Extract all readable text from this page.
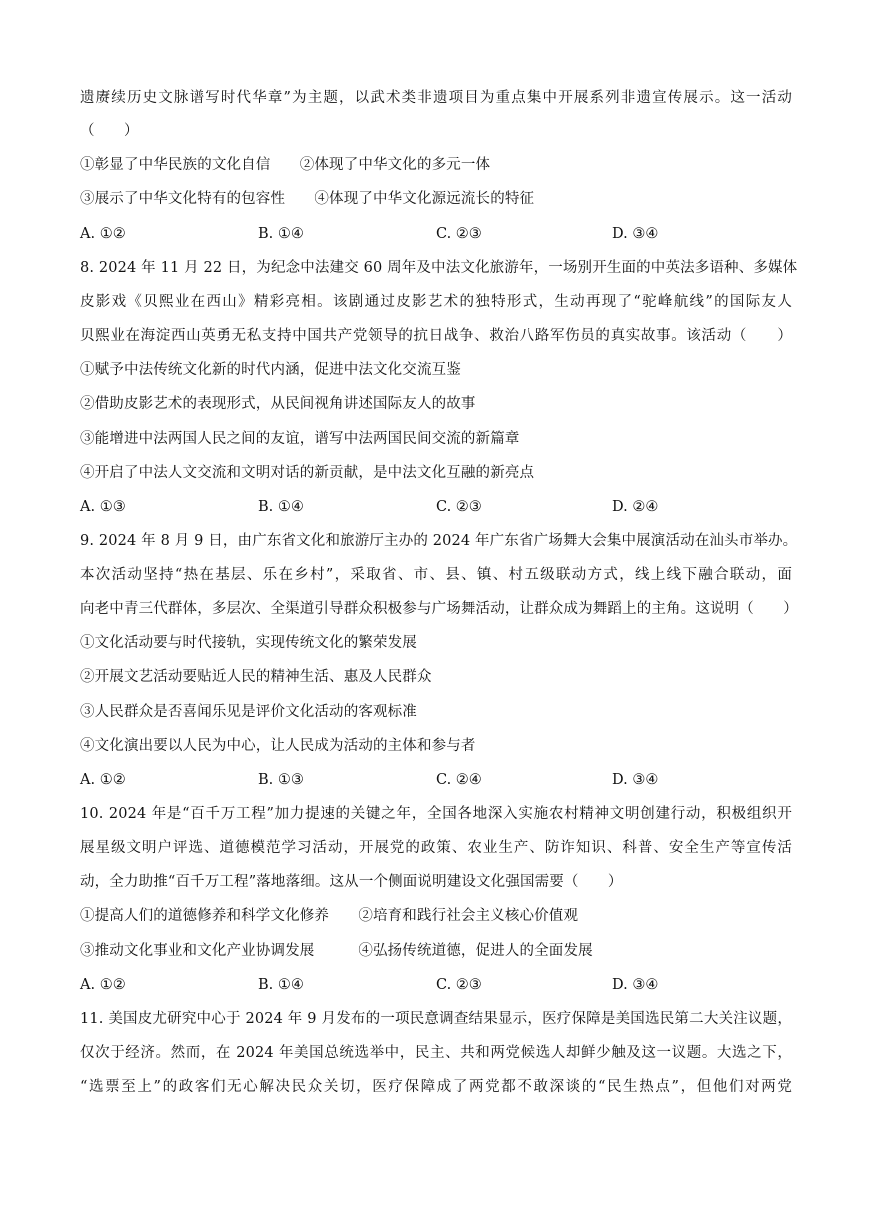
遗赓续历史文脉谱写时代华章”为主题，以武术类非遗项目为重点集中开展系列非遗宣传展示。这一活动
（　　）
①彰显了中华民族的文化自信　　②体现了中华文化的多元一体
③展示了中华文化特有的包容性　　④体现了中华文化源远流长的特征
A. ①②	B. ①④	C. ②③	D. ③④
8. 2024 年 11 月 22 日，为纪念中法建交 60 周年及中法文化旅游年，一场别开生面的中英法多语种、多媒体
皮影戏《贝熙业在西山》精彩亮相。该剧通过皮影艺术的独特形式，生动再现了“驼峰航线”的国际友人
贝熙业在海淀西山英勇无私支持中国共产党领导的抗日战争、救治八路军伤员的真实故事。该活动（　　）
①赋予中法传统文化新的时代内涵，促进中法文化交流互鉴
②借助皮影艺术的表现形式，从民间视角讲述国际友人的故事
③能增进中法两国人民之间的友谊，谱写中法两国民间交流的新篇章
④开启了中法人文交流和文明对话的新贡献，是中法文化互融的新亮点
A. ①③	B. ①④	C. ②③	D. ②④
9. 2024 年 8 月 9 日，由广东省文化和旅游厅主办的 2024 年广东省广场舞大会集中展演活动在汕头市举办。
本次活动坚持“热在基层、乐在乡村”，采取省、市、县、镇、村五级联动方式，线上线下融合联动，面
向老中青三代群体，多层次、全渠道引导群众积极参与广场舞活动，让群众成为舞蹈上的主角。这说明（　　）
①文化活动要与时代接轨，实现传统文化的繁荣发展
②开展文艺活动要贴近人民的精神生活、惠及人民群众
③人民群众是否喜闻乐见是评价文化活动的客观标准
④文化演出要以人民为中心，让人民成为活动的主体和参与者
A. ①②	B. ①③	C. ②④	D. ③④
10. 2024 年是“百千万工程”加力提速的关键之年，全国各地深入实施农村精神文明创建行动，积极组织开
展星级文明户评选、道德模范学习活动，开展党的政策、农业生产、防诈知识、科普、安全生产等宣传活
动，全力助推“百千万工程”落地落细。这从一个侧面说明建设文化强国需要（　　）
①提高人们的道德修养和科学文化修养　　②培育和践行社会主义核心价值观
③推动文化事业和文化产业协调发展　　　④弘扬传统道德，促进人的全面发展
A. ①②	B. ①④	C. ②③	D. ③④
11. 美国皮尤研究中心于 2024 年 9 月发布的一项民意调查结果显示，医疗保障是美国选民第二大关注议题，
仅次于经济。然而，在 2024 年美国总统选举中，民主、共和两党候选人却鲜少触及这一议题。大选之下，
“选票至上”的政客们无心解决民众关切，医疗保障成了两党都不敢深谈的“民生热点”，但他们对两党
